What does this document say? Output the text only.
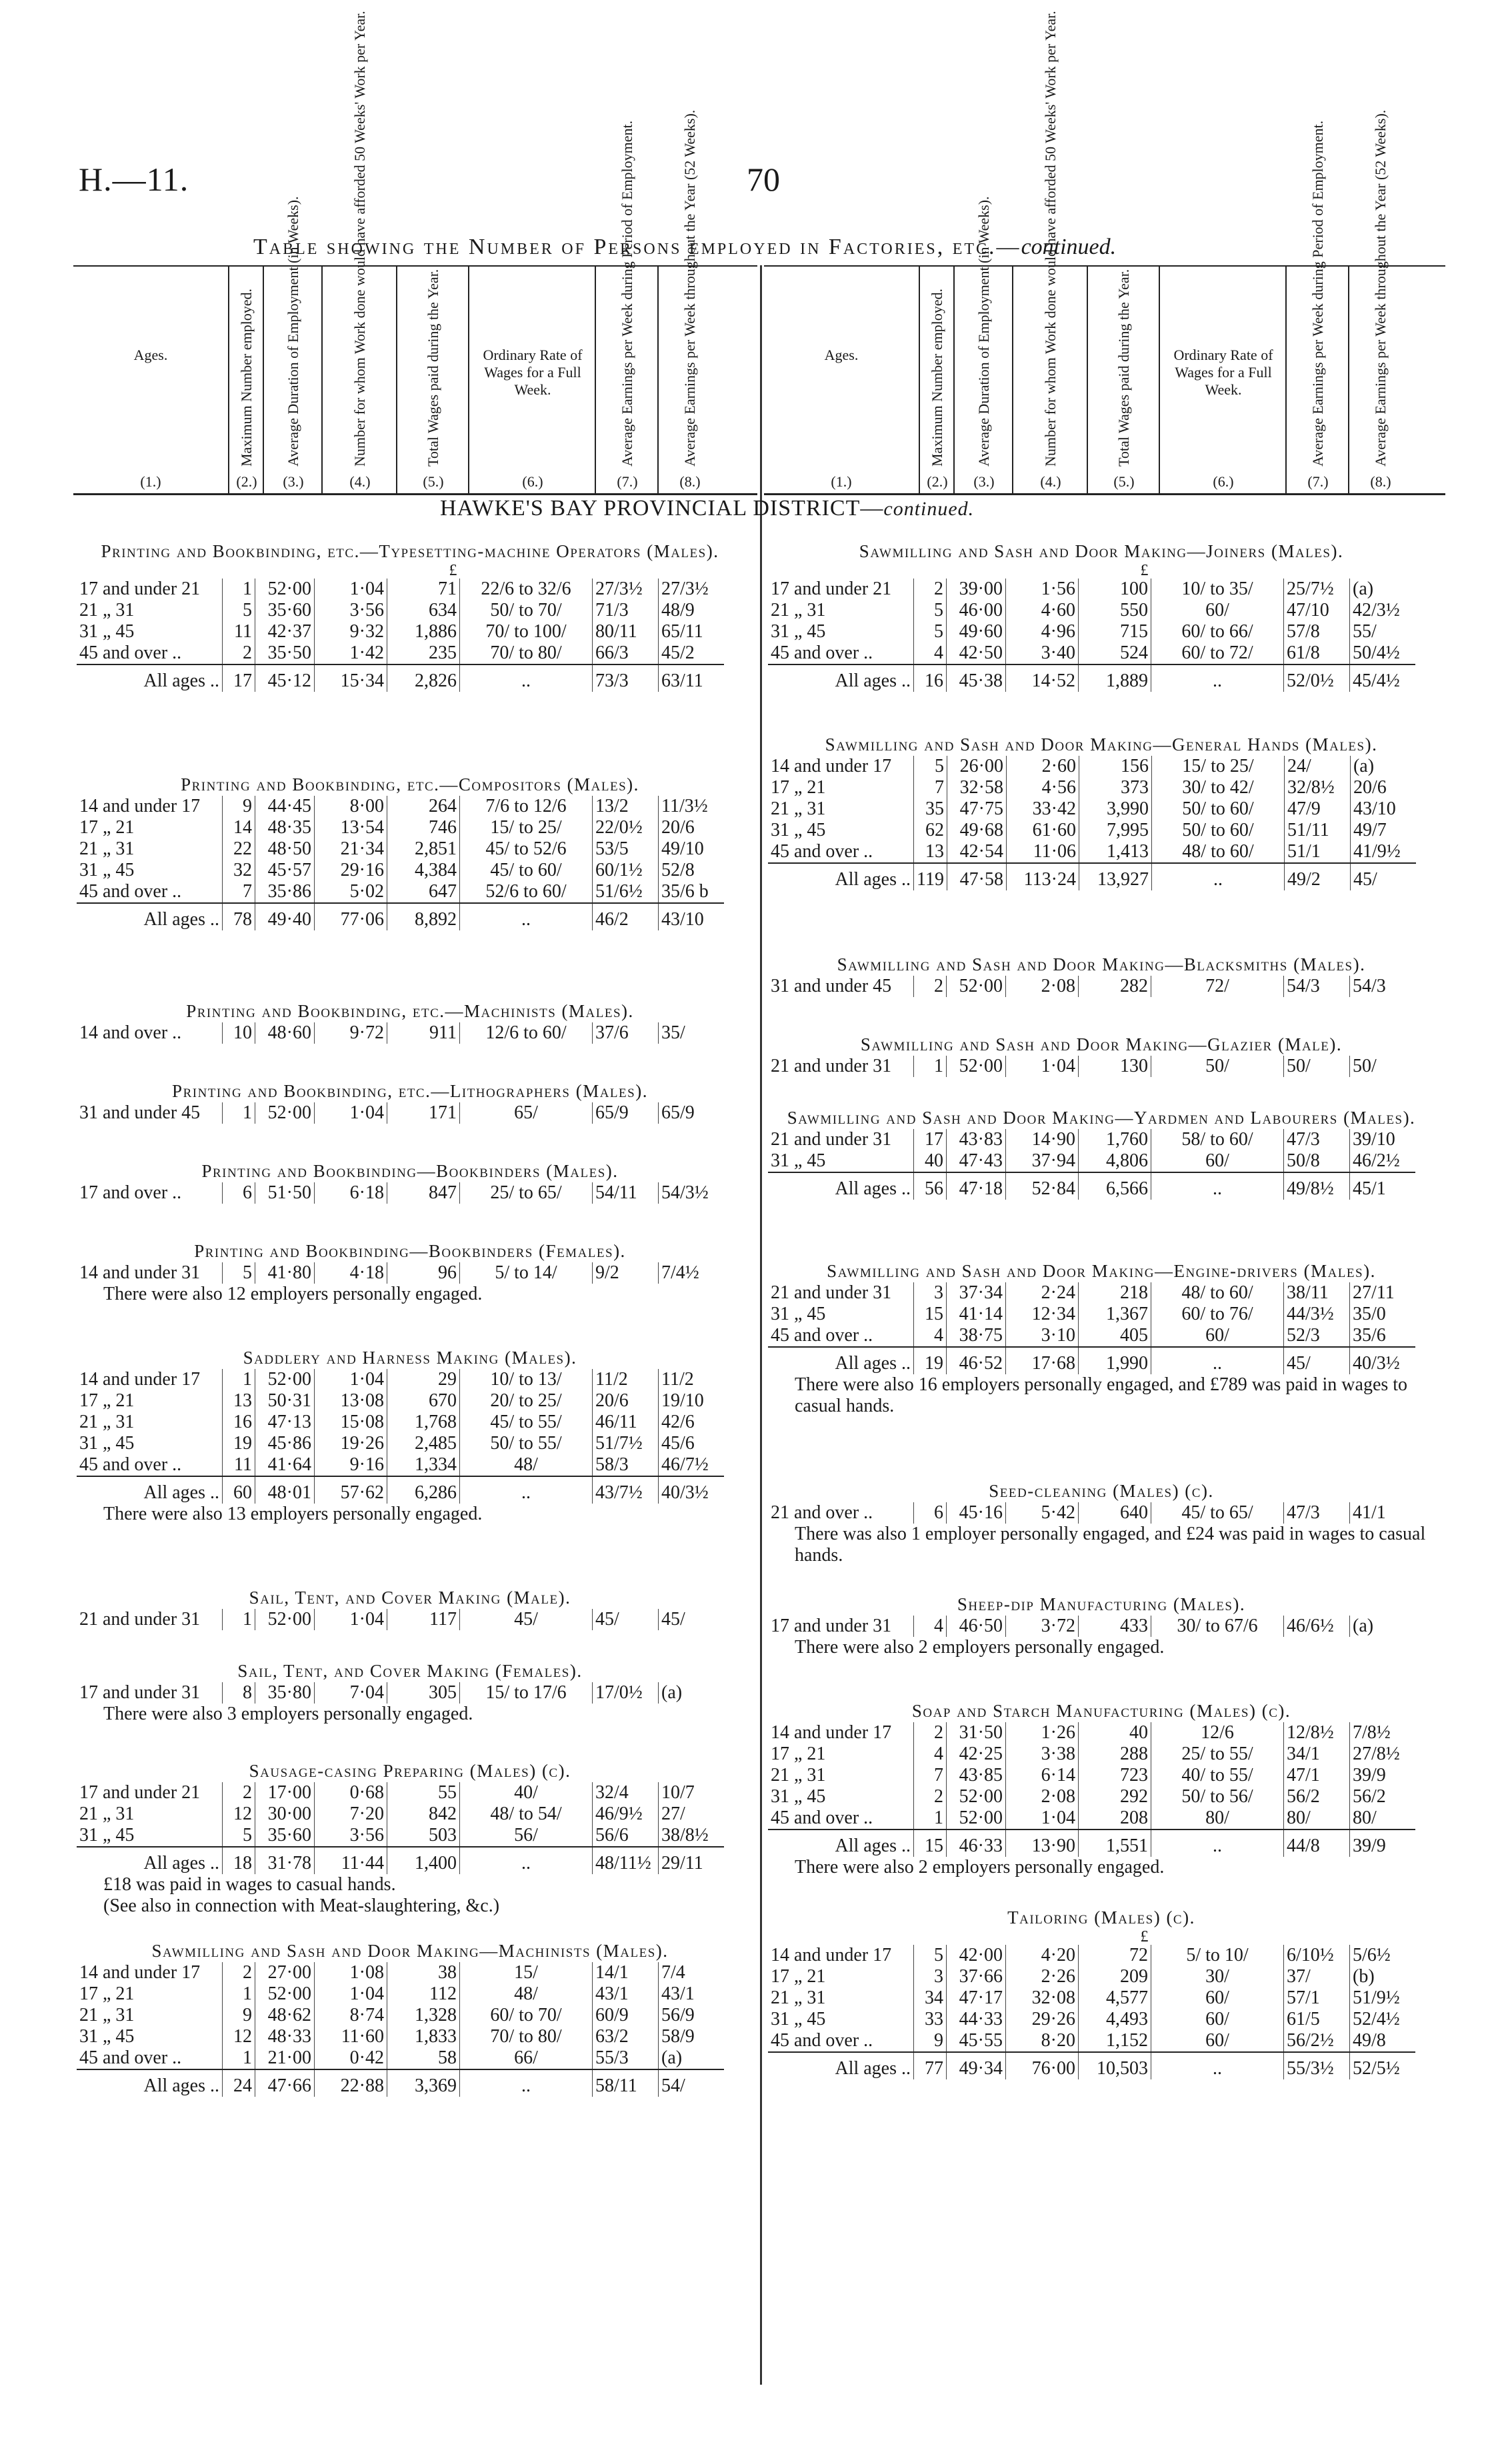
H.—11.	70
Table showing the Number of Persons employed in Factories, etc.—continued.
Ages.
(1.)
Maximum Number employed.
(2.)
Average Duration of Employment (in Weeks).
(3.)
Number for whom Work done would have afforded 50 Weeks' Work per Year.
(4.)
Total Wages paid during the Year.
(5.)
Ordinary Rate of Wages for a Full Week.
(6.)
Average Earnings per Week during Period of Employment.
(7.)
Average Earnings per Week throughout the Year (52 Weeks).
(8.)
Ages.
(1.)
Maximum Number employed.
(2.)
Average Duration of Employment (in Weeks).
(3.)
Number for whom Work done would have afforded 50 Weeks' Work per Year.
(4.)
Total Wages paid during the Year.
(5.)
Ordinary Rate of Wages for a Full Week.
(6.)
Average Earnings per Week during Period of Employment.
(7.)
Average Earnings per Week throughout the Year (52 Weeks).
(8.)
HAWKE'S BAY PROVINCIAL DISTRICT—continued.
Printing and Bookbinding, etc.—Typesetting-machine Operators (Males).
				£			
17 and under 21	1	52·00	1·04	71	22/6 to 32/6	27/3½	27/3½
21 „ 31	5	35·60	3·56	634	50/ to 70/	71/3	48/9
31 „ 45	11	42·37	9·32	1,886	70/ to 100/	80/11	65/11
45 and over ..	2	35·50	1·42	235	70/ to 80/	66/3	45/2
All ages ..	17	45·12	15·34	2,826	..	73/3	63/11
Printing and Bookbinding, etc.—Compositors (Males).
14 and under 17	9	44·45	8·00	264	7/6 to 12/6	13/2	11/3½
17 „ 21	14	48·35	13·54	746	15/ to 25/	22/0½	20/6
21 „ 31	22	48·50	21·34	2,851	45/ to 52/6	53/5	49/10
31 „ 45	32	45·57	29·16	4,384	45/ to 60/	60/1½	52/8
45 and over ..	7	35·86	5·02	647	52/6 to 60/	51/6½	35/6 b
All ages ..	78	49·40	77·06	8,892	..	46/2	43/10
Printing and Bookbinding, etc.—Machinists (Males).
14 and over ..	10	48·60	9·72	911	12/6 to 60/	37/6	35/
Printing and Bookbinding, etc.—Lithographers (Males).
31 and under 45	1	52·00	1·04	171	65/	65/9	65/9
Printing and Bookbinding—Bookbinders (Males).
17 and over ..	6	51·50	6·18	847	25/ to 65/	54/11	54/3½
Printing and Bookbinding—Bookbinders (Females).
14 and under 31	5	41·80	4·18	96	5/ to 14/	9/2	7/4½
There were also 12 employers personally engaged.
Saddlery and Harness Making (Males).
14 and under 17	1	52·00	1·04	29	10/ to 13/	11/2	11/2
17 „ 21	13	50·31	13·08	670	20/ to 25/	20/6	19/10
21 „ 31	16	47·13	15·08	1,768	45/ to 55/	46/11	42/6
31 „ 45	19	45·86	19·26	2,485	50/ to 55/	51/7½	45/6
45 and over ..	11	41·64	9·16	1,334	48/	58/3	46/7½
All ages ..	60	48·01	57·62	6,286	..	43/7½	40/3½
There were also 13 employers personally engaged.
Sail, Tent, and Cover Making (Male).
21 and under 31	1	52·00	1·04	117	45/	45/	45/
Sail, Tent, and Cover Making (Females).
17 and under 31	8	35·80	7·04	305	15/ to 17/6	17/0½	(a)
There were also 3 employers personally engaged.
Sausage-casing Preparing (Males) (c).
17 and under 21	2	17·00	0·68	55	40/	32/4	10/7
21 „ 31	12	30·00	7·20	842	48/ to 54/	46/9½	27/
31 „ 45	5	35·60	3·56	503	56/	56/6	38/8½
All ages ..	18	31·78	11·44	1,400	..	48/11½	29/11
£18 was paid in wages to casual hands.
(See also in connection with Meat-slaughtering, &c.)
Sawmilling and Sash and Door Making—Machinists (Males).
14 and under 17	2	27·00	1·08	38	15/	14/1	7/4
17 „ 21	1	52·00	1·04	112	48/	43/1	43/1
21 „ 31	9	48·62	8·74	1,328	60/ to 70/	60/9	56/9
31 „ 45	12	48·33	11·60	1,833	70/ to 80/	63/2	58/9
45 and over ..	1	21·00	0·42	58	66/	55/3	(a)
All ages ..	24	47·66	22·88	3,369	..	58/11	54/
Sawmilling and Sash and Door Making—Joiners (Males).
				£			
17 and under 21	2	39·00	1·56	100	10/ to 35/	25/7½	(a)
21 „ 31	5	46·00	4·60	550	60/	47/10	42/3½
31 „ 45	5	49·60	4·96	715	60/ to 66/	57/8	55/
45 and over ..	4	42·50	3·40	524	60/ to 72/	61/8	50/4½
All ages ..	16	45·38	14·52	1,889	..	52/0½	45/4½
Sawmilling and Sash and Door Making—General Hands (Males).
14 and under 17	5	26·00	2·60	156	15/ to 25/	24/	(a)
17 „ 21	7	32·58	4·56	373	30/ to 42/	32/8½	20/6
21 „ 31	35	47·75	33·42	3,990	50/ to 60/	47/9	43/10
31 „ 45	62	49·68	61·60	7,995	50/ to 60/	51/11	49/7
45 and over ..	13	42·54	11·06	1,413	48/ to 60/	51/1	41/9½
All ages ..	119	47·58	113·24	13,927	..	49/2	45/
Sawmilling and Sash and Door Making—Blacksmiths (Males).
31 and under 45	2	52·00	2·08	282	72/	54/3	54/3
Sawmilling and Sash and Door Making—Glazier (Male).
21 and under 31	1	52·00	1·04	130	50/	50/	50/
Sawmilling and Sash and Door Making—Yardmen and Labourers (Males).
21 and under 31	17	43·83	14·90	1,760	58/ to 60/	47/3	39/10
31 „ 45	40	47·43	37·94	4,806	60/	50/8	46/2½
All ages ..	56	47·18	52·84	6,566	..	49/8½	45/1
Sawmilling and Sash and Door Making—Engine-drivers (Males).
21 and under 31	3	37·34	2·24	218	48/ to 60/	38/11	27/11
31 „ 45	15	41·14	12·34	1,367	60/ to 76/	44/3½	35/0
45 and over ..	4	38·75	3·10	405	60/	52/3	35/6
All ages ..	19	46·52	17·68	1,990	..	45/	40/3½
There were also 16 employers personally engaged, and £789 was paid in wages to casual hands.
Seed-cleaning (Males) (c).
21 and over ..	6	45·16	5·42	640	45/ to 65/	47/3	41/1
There was also 1 employer personally engaged, and £24 was paid in wages to casual hands.
Sheep-dip Manufacturing (Males).
17 and under 31	4	46·50	3·72	433	30/ to 67/6	46/6½	(a)
There were also 2 employers personally engaged.
Soap and Starch Manufacturing (Males) (c).
14 and under 17	2	31·50	1·26	40	12/6	12/8½	7/8½
17 „ 21	4	42·25	3·38	288	25/ to 55/	34/1	27/8½
21 „ 31	7	43·85	6·14	723	40/ to 55/	47/1	39/9
31 „ 45	2	52·00	2·08	292	50/ to 56/	56/2	56/2
45 and over ..	1	52·00	1·04	208	80/	80/	80/
All ages ..	15	46·33	13·90	1,551	..	44/8	39/9
There were also 2 employers personally engaged.
Tailoring (Males) (c).
				£			
14 and under 17	5	42·00	4·20	72	5/ to 10/	6/10½	5/6½
17 „ 21	3	37·66	2·26	209	30/	37/	(b)
21 „ 31	34	47·17	32·08	4,577	60/	57/1	51/9½
31 „ 45	33	44·33	29·26	4,493	60/	61/5	52/4½
45 and over ..	9	45·55	8·20	1,152	60/	56/2½	49/8
All ages ..	77	49·34	76·00	10,503	..	55/3½	52/5½
